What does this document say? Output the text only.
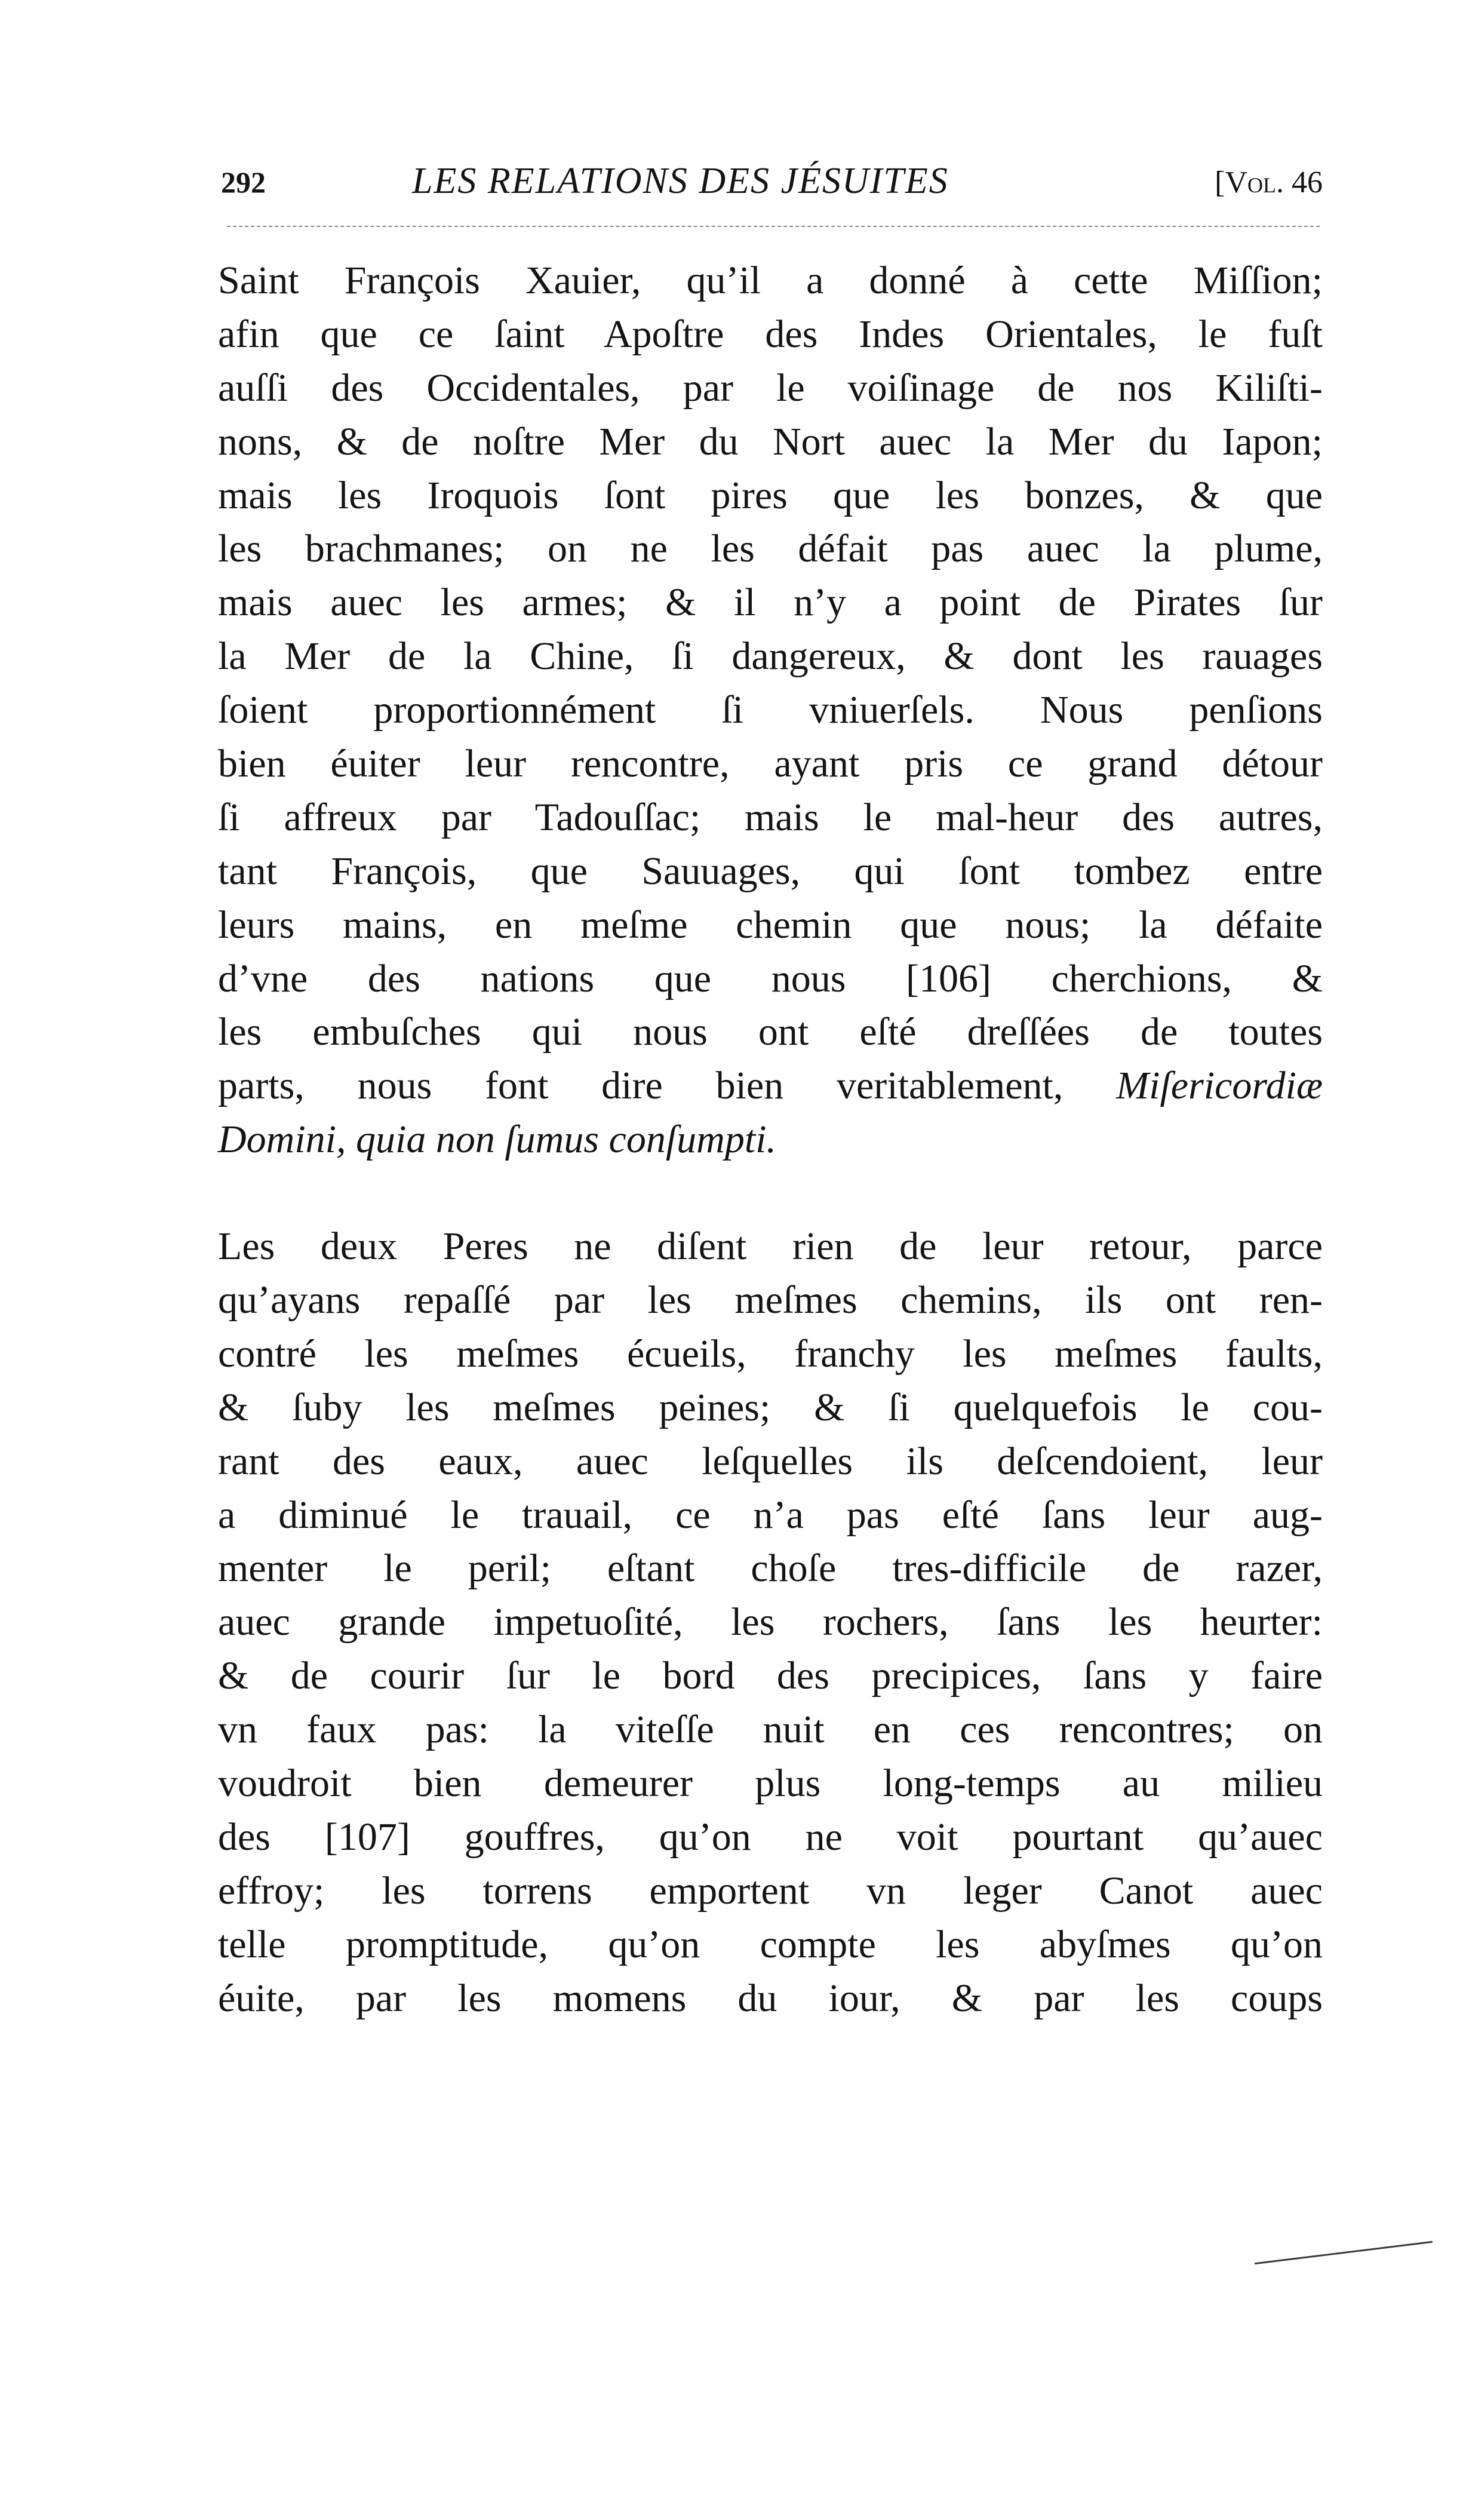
292	LES RELATIONS DES JÉSUITES	[Vol. 46
Saint François Xauier, qu’il a donné à cette Miſſion;
afin que ce ſaint Apoſtre des Indes Orientales, le fuſt
auſſi des Occidentales, par le voiſinage de nos Kiliſti-
nons, & de noſtre Mer du Nort auec la Mer du Iapon;
mais les Iroquois ſont pires que les bonzes, & que
les brachmanes; on ne les défait pas auec la plume,
mais auec les armes; & il n’y a point de Pirates ſur
la Mer de la Chine, ſi dangereux, & dont les rauages
ſoient proportionnément ſi vniuerſels. Nous penſions
bien éuiter leur rencontre, ayant pris ce grand détour
ſi affreux par Tadouſſac; mais le mal-heur des autres,
tant François, que Sauuages, qui ſont tombez entre
leurs mains, en meſme chemin que nous; la défaite
d’vne des nations que nous [106] cherchions, &
les embuſches qui nous ont eſté dreſſées de toutes
parts, nous font dire bien veritablement, Miſericordiæ
Domini, quia non ſumus conſumpti.
Les deux Peres ne diſent rien de leur retour, parce
qu’ayans repaſſé par les meſmes chemins, ils ont ren-
contré les meſmes écueils, franchy les meſmes faults,
& ſuby les meſmes peines; & ſi quelquefois le cou-
rant des eaux, auec leſquelles ils deſcendoient, leur
a diminué le trauail, ce n’a pas eſté ſans leur aug-
menter le peril; eſtant choſe tres-difficile de razer,
auec grande impetuoſité, les rochers, ſans les heurter:
& de courir ſur le bord des precipices, ſans y faire
vn faux pas: la viteſſe nuit en ces rencontres; on
voudroit bien demeurer plus long-temps au milieu
des [107] gouffres, qu’on ne voit pourtant qu’auec
effroy; les torrens emportent vn leger Canot auec
telle promptitude, qu’on compte les abyſmes qu’on
éuite, par les momens du iour, & par les coups
